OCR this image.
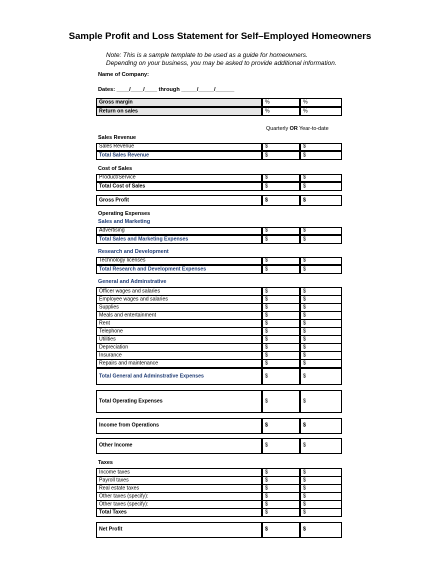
Sample Profit and Loss Statement for Self–Employed Homeowners
Note: This is a sample template to be used as a guide for homeowners.
Depending on your business, you may be asked to provide additional information.
Name of Company:
Dates: ____/____/____ through _____/_____/______
Gross margin	%	%
Return on sales	%	%
Quarterly OR Year-to-date
Sales Revenue
Sales Revenue	$	$
Total Sales Revenue	$	$
Cost of Sales
Product/Service	$	$
Total Cost of Sales	$	$
Gross Profit	$	$
Operating Expenses
Sales and Marketing
Advertising	$	$
Total Sales and Marketing Expenses	$	$
Research and Development
Technology licenses	$	$
Total Research and Development Expenses	$	$
General and Adminstrative
Officer wages and salaries	$	$
Employee wages and salaries	$	$
Supplies	$	$
Meals and entertainment	$	$
Rent	$	$
Telephone	$	$
Utilities	$	$
Depreciation	$	$
Insurance	$	$
Repairs and maintenance	$	$
Total General and Adminstrative Expenses	$	$
Total Operating Expenses	$	$
Income from Operations	$	$
Other Income	$	$
Taxes
Income taxes	$	$
Payroll taxes	$	$
Real estate taxes	$	$
Other taxes (specify):	$	$
Other taxes (specify):	$	$
Total Taxes	$	$
Net Profit	$	$
